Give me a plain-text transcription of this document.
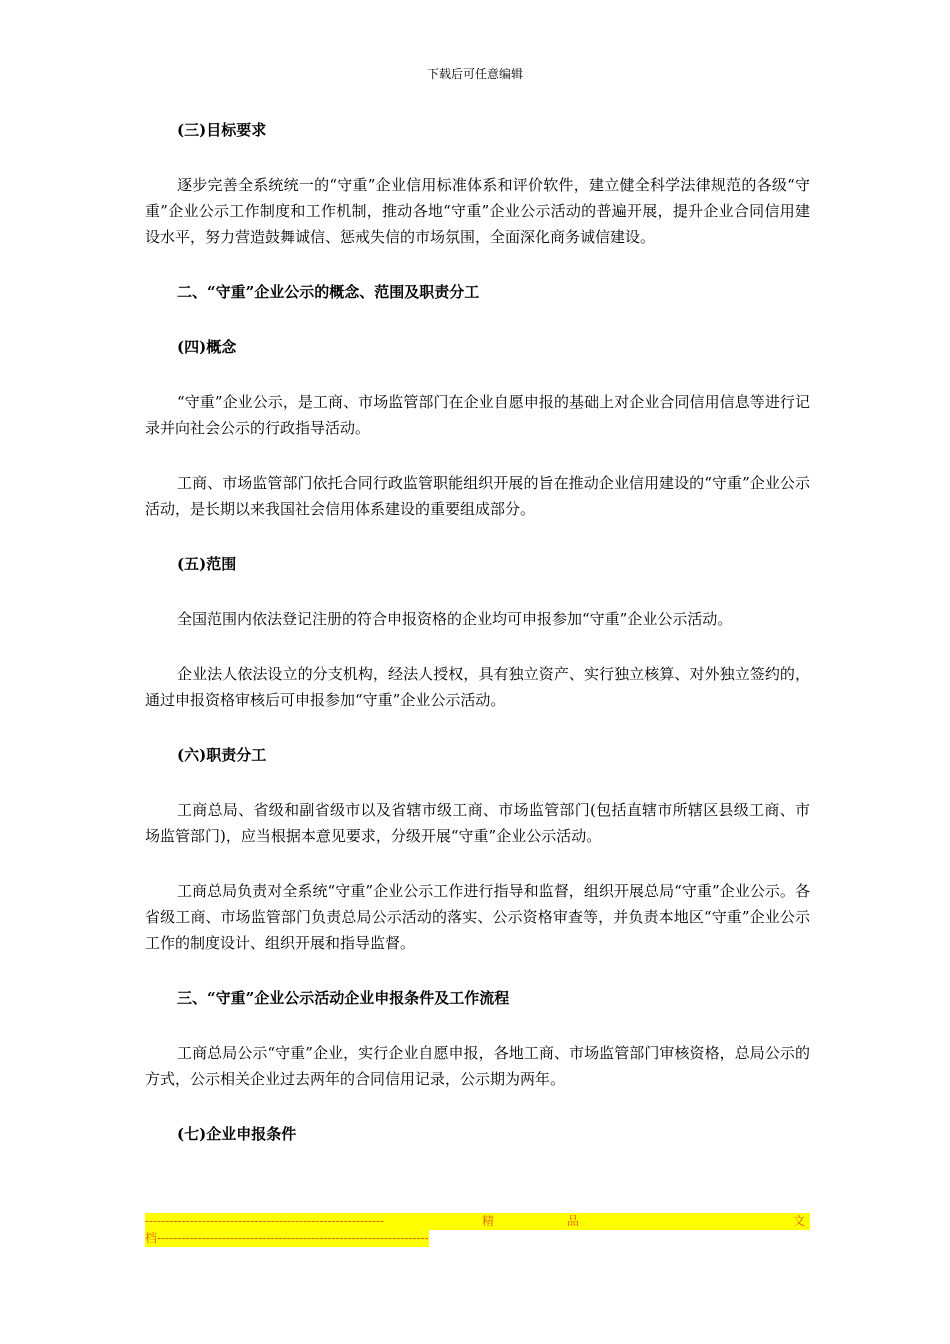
下载后可任意编辑
(三)目标要求
逐步完善全系统统一的“守重”企业信用标准体系和评价软件，建立健全科学法律规范的各级“守重”企业公示工作制度和工作机制，推动各地“守重”企业公示活动的普遍开展，提升企业合同信用建设水平，努力营造鼓舞诚信、惩戒失信的市场氛围，全面深化商务诚信建设。
二、“守重”企业公示的概念、范围及职责分工
(四)概念
“守重”企业公示，是工商、市场监管部门在企业自愿申报的基础上对企业合同信用信息等进行记录并向社会公示的行政指导活动。
工商、市场监管部门依托合同行政监管职能组织开展的旨在推动企业信用建设的“守重”企业公示活动，是长期以来我国社会信用体系建设的重要组成部分。
(五)范围
全国范围内依法登记注册的符合申报资格的企业均可申报参加“守重”企业公示活动。
企业法人依法设立的分支机构，经法人授权，具有独立资产、实行独立核算、对外独立签约的，通过申报资格审核后可申报参加“守重”企业公示活动。
(六)职责分工
工商总局、省级和副省级市以及省辖市级工商、市场监管部门(包括直辖市所辖区县级工商、市场监管部门)，应当根据本意见要求，分级开展“守重”企业公示活动。
工商总局负责对全系统“守重”企业公示工作进行指导和监督，组织开展总局“守重”企业公示。各省级工商、市场监管部门负责总局公示活动的落实、公示资格审查等，并负责本地区“守重”企业公示工作的制度设计、组织开展和指导监督。
三、“守重”企业公示活动企业申报条件及工作流程
工商总局公示“守重”企业，实行企业自愿申报，各地工商、市场监管部门审核资格，总局公示的方式，公示相关企业过去两年的合同信用记录，公示期为两年。
(七)企业申报条件
-----------------------------------------------------------	精	品	文
档-------------------------------------------------------------------
